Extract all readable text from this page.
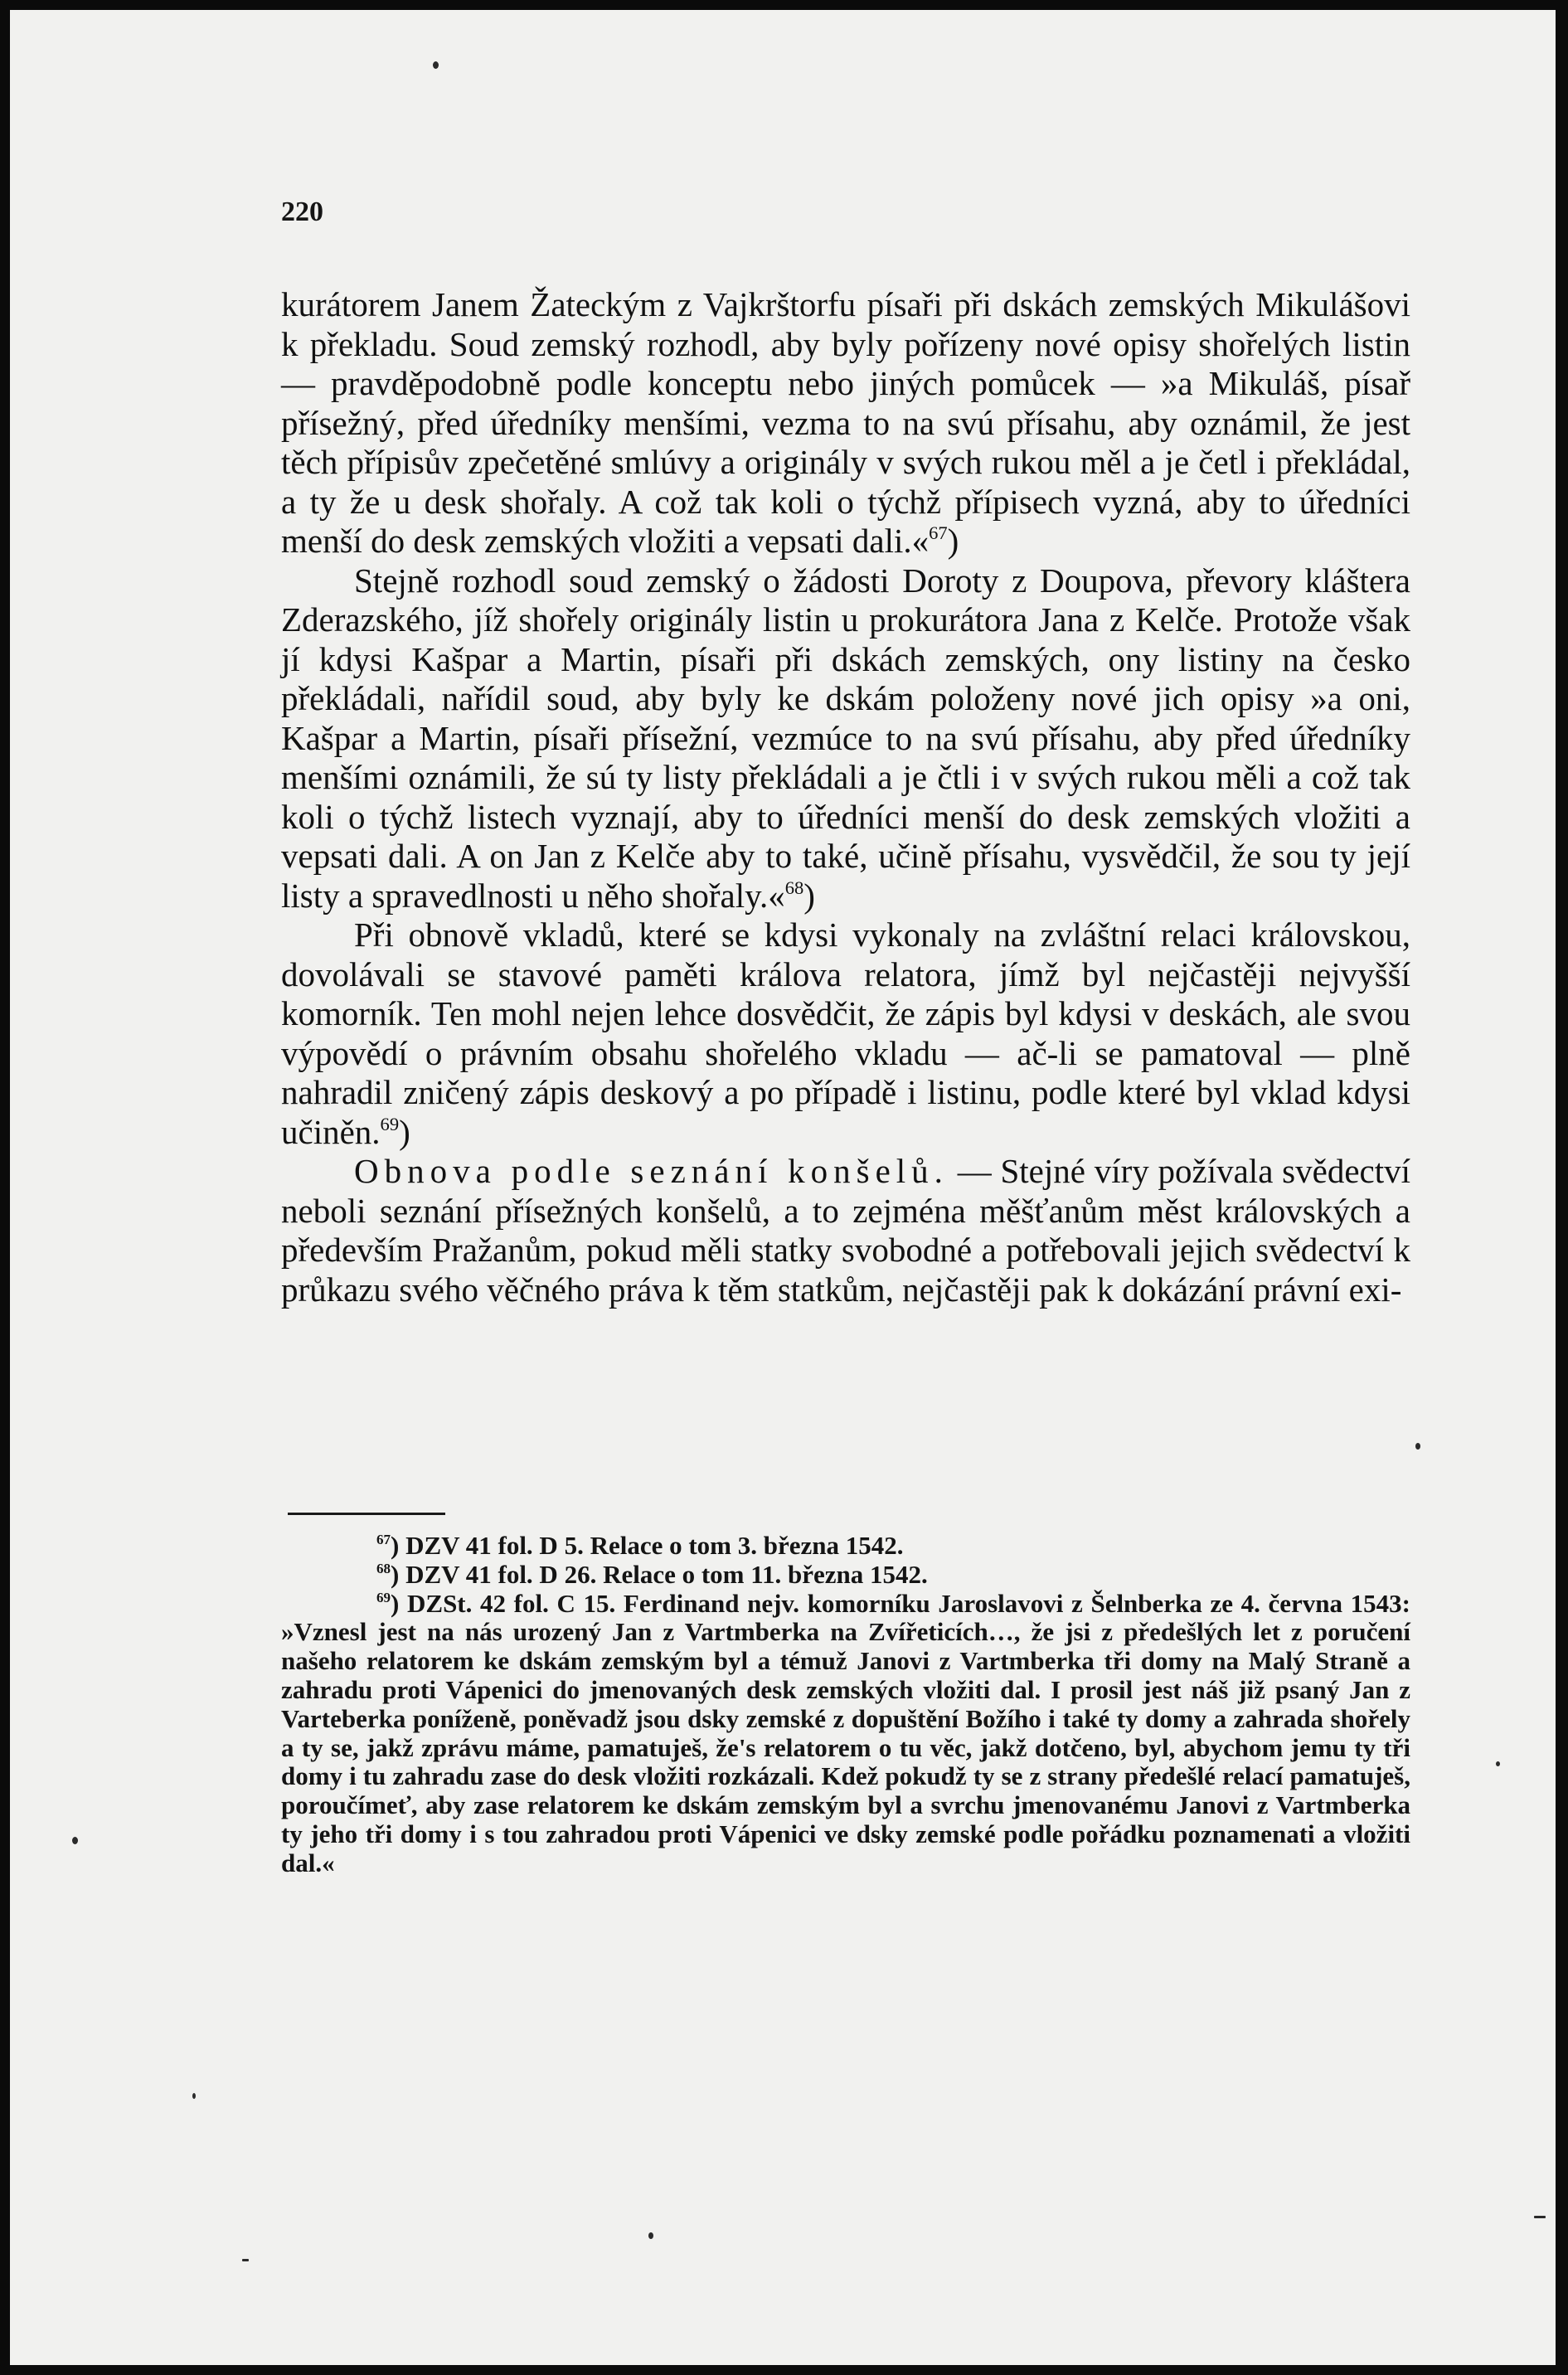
220

kurátorem Janem Žateckým z Vajkrštorfu písaři při dskách zemských Mikulášovi k překladu. Soud zemský rozhodl, aby byly pořízeny nové opisy shořelých listin — pravděpodobně podle konceptu nebo jiných pomůcek — »a Mikuláš, písař přísežný, před úředníky menšími, vezma to na svú přísahu, aby oznámil, že jest těch přípisův zpečetěné smlúvy a originály v svých rukou měl a je četl i překládal, a ty že u desk shořaly. A což tak koli o týchž přípisech vyzná, aby to úředníci menší do desk zemských vložiti a vepsati dali.«$^{67}$)

Stejně rozhodl soud zemský o žádosti Doroty z Doupova, převory kláštera Zderazského, jíž shořely originály listin u prokurátora Jana z Kelče. Protože však jí kdysi Kašpar a Martin, písaři při dskách zemských, ony listiny na česko překládali, nařídil soud, aby byly ke dskám položeny nové jich opisy »a oni, Kašpar a Martin, písaři přísežní, vezmúce to na svú přísahu, aby před úředníky menšími oznámili, že sú ty listy překládali a je čtli i v svých rukou měli a což tak koli o týchž listech vyznají, aby to úředníci menší do desk zemských vložiti a vepsati dali. A on Jan z Kelče aby to také, učině přísahu, vysvědčil, že sou ty její listy a spravedlnosti u něho shořaly.«$^{68}$)

Při obnově vkladů, které se kdysi vykonaly na zvláštní relaci královskou, dovolávali se stavové paměti králova relatora, jímž byl nejčastěji nejvyšší komorník. Ten mohl nejen lehce dosvědčit, že zápis byl kdysi v deskách, ale svou výpovědí o právním obsahu shořelého vkladu — ač-li se pamatoval — plně nahradil zničený zápis deskový a po případě i listinu, podle které byl vklad kdysi učiněn.$^{69}$)

Obnova podle seznání konšelů. — Stejné víry požívala svědectví neboli seznání přísežných konšelů, a to zejména měšťanům měst královských a především Pražanům, pokud měli statky svobodné a potřebovali jejich svědectví k průkazu svého věčného práva k těm statkům, nejčastěji pak k dokázání právní exi-

$^{67}$) DZV 41 fol. D 5. Relace o tom 3. března 1542.

$^{68}$) DZV 41 fol. D 26. Relace o tom 11. března 1542.

$^{69}$) DZSt. 42 fol. C 15. Ferdinand nejv. komorníku Jaroslavovi z Šelnberka ze 4. června 1543: »Vznesl jest na nás urozený Jan z Vartmberka na Zvířeticích…, že jsi z předešlých let z poručení našeho relatorem ke dskám zemským byl a témuž Janovi z Vartmberka tři domy na Malý Straně a zahradu proti Vápenici do jmenovaných desk zemských vložiti dal. I prosil jest náš již psaný Jan z Varteberka poníženě, poněvadž jsou dsky zemské z dopuštění Božího i také ty domy a zahrada shořely a ty se, jakž zprávu máme, pamatuješ, že's relatorem o tu věc, jakž dotčeno, byl, abychom jemu ty tři domy i tu zahradu zase do desk vložiti rozkázali. Kdež pokudž ty se z strany předešlé relací pamatuješ, poroučímeť, aby zase relatorem ke dskám zemským byl a svrchu jmenovanému Janovi z Vartmberka ty jeho tři domy i s tou zahradou proti Vápenici ve dsky zemské podle pořádku poznamenati a vložiti dal.«
